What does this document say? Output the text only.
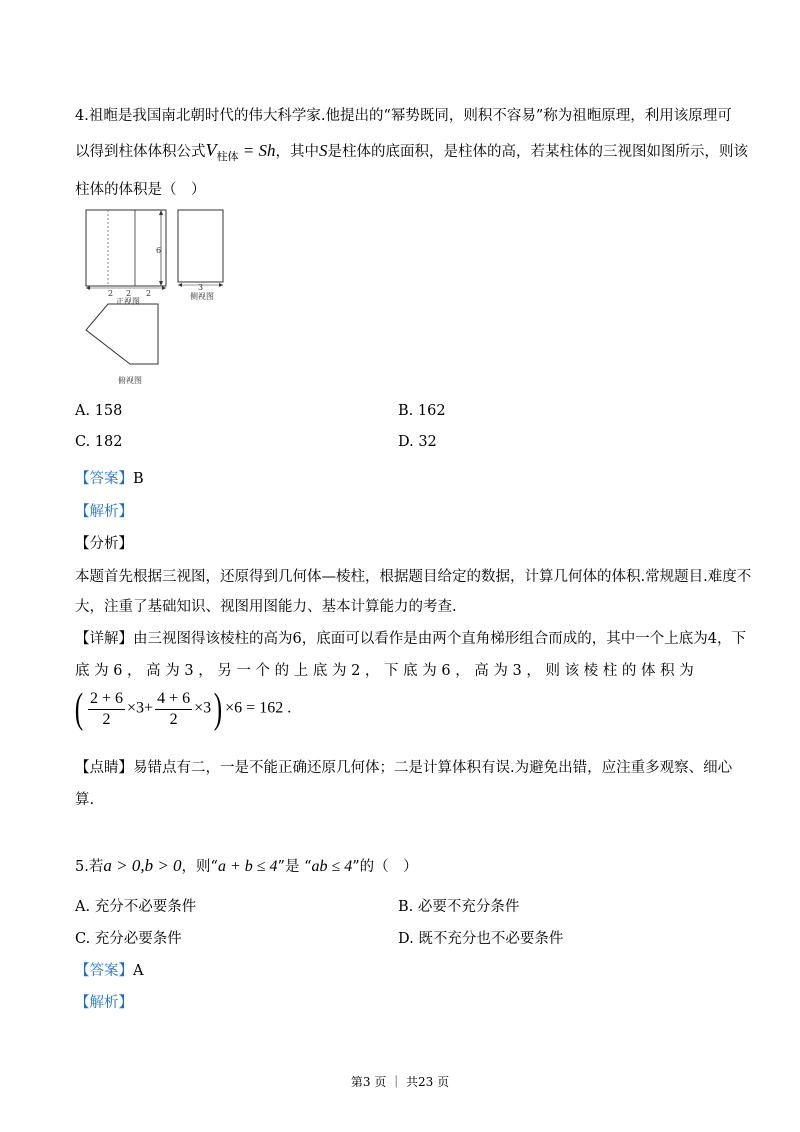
4.祖暅是我国南北朝时代的伟大科学家.他提出的“幂势既同，则积不容易”称为祖暅原理，利用该原理可
以得到柱体体积公式$V_{柱体} = Sh$，其中S是柱体的底面积，是柱体的高，若某柱体的三视图如图所示，则该
柱体的体积是（　）
2 2 2
6
3
正视图
侧视图
俯视图
A. 158	B. 162
C. 182	D. 32
【答案】B
【解析】
【分析】
本题首先根据三视图，还原得到几何体—棱柱，根据题目给定的数据，计算几何体的体积.常规题目.难度不
大，注重了基础知识、视图用图能力、基本计算能力的考查.
【详解】由三视图得该棱柱的高为6，底面可以看作是由两个直角梯形组合而成的，其中一个上底为4，下
底 为 6 ， 高 为 3 ， 另 一 个 的 上 底 为 2 ， 下 底 为 6 ， 高 为 3 ， 则 该 棱 柱 的 体 积 为
( $\frac{2 + 6}{2} \times 3+ \frac{4 + 6}{2} \times 3) \times 6 = 162$ .
【点睛】易错点有二，一是不能正确还原几何体；二是计算体积有误.为避免出错，应注重多观察、细心
算.
5.若a > 0,b > 0，则“a + b ≤ 4”是 “ab ≤ 4”的（　）
A. 充分不必要条件	B. 必要不充分条件
C. 充分必要条件	D. 既不充分也不必要条件
【答案】A
【解析】
第3 页 ｜ 共23 页
